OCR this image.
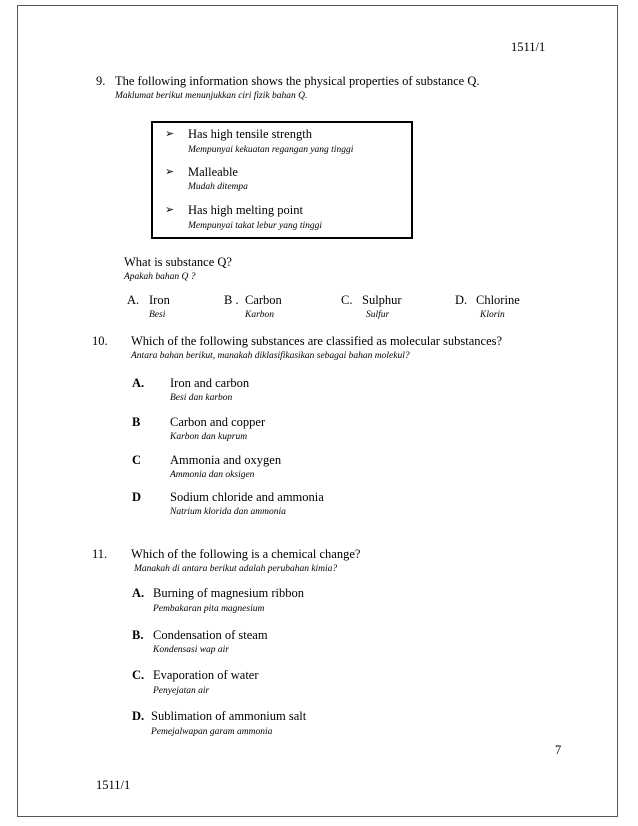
1511/1
9. The following information shows the physical properties of substance Q.
Maklumat berikut menunjukkan ciri fizik bahan Q.
➢ Has high tensile strength
Mempunyai kekuatan regangan yang tinggi
➢ Malleable
Mudah ditempa
➢ Has high melting point
Mempunyai takat lebur yang tinggi
What is substance Q?
Apakah bahan Q ?
A. Iron
Besi
B . Carbon
Karbon
C. Sulphur
Sulfur
D. Chlorine
Klorin
10. Which of the following substances are classified as molecular substances?
Antara bahan berikut, manakah diklasifikasikan sebagai bahan molekul?
A. Iron and carbon
Besi dan karbon
B Carbon and copper
Karbon dan kuprum
C Ammonia and oxygen
Ammonia dan oksigen
D Sodium chloride and ammonia
Natrium klorida dan ammonia
11. Which of the following is a chemical change?
Manakah di antara berikut adalah perubahan kimia?
A. Burning of magnesium ribbon
Pembakaran pita magnesium
B. Condensation of steam
Kondensasi wap air
C. Evaporation of water
Penyejatan air
D. Sublimation of ammonium salt
Pemejalwapan garam ammonia
7
1511/1
